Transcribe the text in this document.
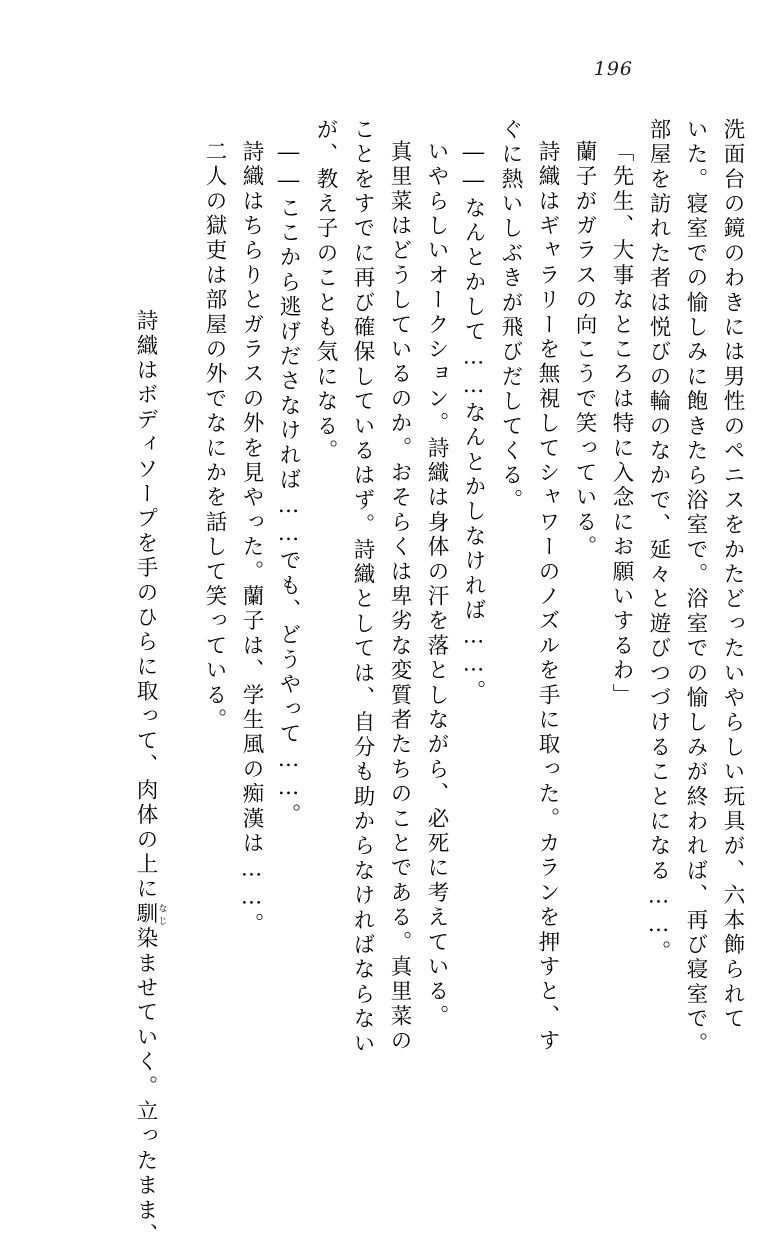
196
洗面台の鏡のわきには男性のペニスをかたどったいやらしい玩具が、六本飾られて
いた。寝室での愉しみに飽きたら浴室で。浴室での愉しみが終われば、再び寝室で。
部屋を訪れた者は悦びの輪のなかで、延々と遊びつづけることになる……。
「先生、大事なところは特に入念にお願いするわ」
蘭子がガラスの向こうで笑っている。
詩織はギャラリーを無視してシャワーのノズルを手に取った。カランを押すと、す
ぐに熱いしぶきが飛びだしてくる。
――なんとかして……なんとかしなければ……。
いやらしいオークション。詩織は身体の汗を落としながら、必死に考えている。
真里菜はどうしているのか。おそらくは卑劣な変質者たちのことである。真里菜の
ことをすでに再び確保しているはず。詩織としては、自分も助からなければならない
が、教え子のことも気になる。
――ここから逃げださなければ……でも、どうやって……。
詩織はちらりとガラスの外を見やった。蘭子は、学生風の痴漢は……。
二人の獄吏は部屋の外でなにかを話して笑っている。

詩織はボディソープを手のひらに取って、肉体の上に馴なじ染ませていく。立ったまま、
